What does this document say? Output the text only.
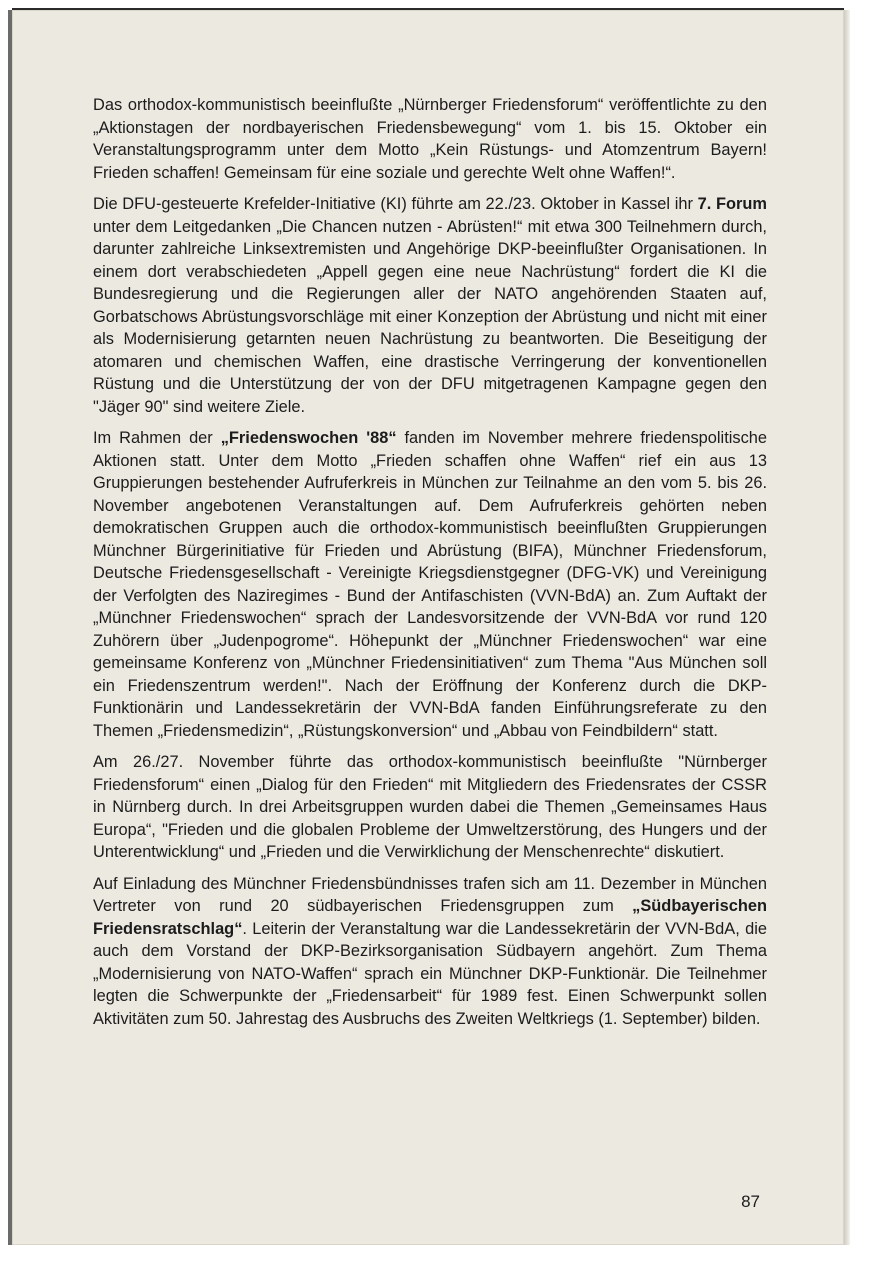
Das orthodox-kommunistisch beeinflußte „Nürnberger Friedensforum“ veröffentlichte zu den „Aktionstagen der nordbayerischen Friedensbewegung“ vom 1. bis 15. Oktober ein Veranstaltungsprogramm unter dem Motto „Kein Rüstungs- und Atomzentrum Bayern! Frieden schaffen! Gemeinsam für eine soziale und gerechte Welt ohne Waffen!“.

Die DFU-gesteuerte Krefelder-Initiative (KI) führte am 22./23. Oktober in Kassel ihr 7. Forum unter dem Leitgedanken „Die Chancen nutzen - Abrüsten!“ mit etwa 300 Teilnehmern durch, darunter zahlreiche Linksextremisten und Angehörige DKP-beeinflußter Organisationen. In einem dort verabschiedeten „Appell gegen eine neue Nachrüstung“ fordert die KI die Bundesregierung und die Regierungen aller der NATO angehörenden Staaten auf, Gorbatschows Abrüstungsvorschläge mit einer Konzeption der Abrüstung und nicht mit einer als Modernisierung getarnten neuen Nachrüstung zu beantworten. Die Beseitigung der atomaren und chemischen Waffen, eine drastische Verringerung der konventionellen Rüstung und die Unterstützung der von der DFU mitgetragenen Kampagne gegen den "Jäger 90" sind weitere Ziele.

Im Rahmen der „Friedenswochen '88“ fanden im November mehrere friedenspolitische Aktionen statt. Unter dem Motto „Frieden schaffen ohne Waffen“ rief ein aus 13 Gruppierungen bestehender Aufruferkreis in München zur Teilnahme an den vom 5. bis 26. November angebotenen Veranstaltungen auf. Dem Aufruferkreis gehörten neben demokratischen Gruppen auch die orthodox-kommunistisch beeinflußten Gruppierungen Münchner Bürgerinitiative für Frieden und Abrüstung (BIFA), Münchner Friedensforum, Deutsche Friedensgesellschaft - Vereinigte Kriegsdienstgegner (DFG-VK) und Vereinigung der Verfolgten des Naziregimes - Bund der Antifaschisten (VVN-BdA) an. Zum Auftakt der „Münchner Friedenswochen“ sprach der Landesvorsitzende der VVN-BdA vor rund 120 Zuhörern über „Judenpogrome“. Höhepunkt der „Münchner Friedenswochen“ war eine gemeinsame Konferenz von „Münchner Friedensinitiativen“ zum Thema "Aus München soll ein Friedenszentrum werden!". Nach der Eröffnung der Konferenz durch die DKP-Funktionärin und Landessekretärin der VVN-BdA fanden Einführungsreferate zu den Themen „Friedensmedizin“, „Rüstungskonversion“ und „Abbau von Feindbildern“ statt.

Am 26./27. November führte das orthodox-kommunistisch beeinflußte "Nürnberger Friedensforum“ einen „Dialog für den Frieden“ mit Mitgliedern des Friedensrates der CSSR in Nürnberg durch. In drei Arbeitsgruppen wurden dabei die Themen „Gemeinsames Haus Europa“, "Frieden und die globalen Probleme der Umweltzerstörung, des Hungers und der Unterentwicklung“ und „Frieden und die Verwirklichung der Menschenrechte“ diskutiert.

Auf Einladung des Münchner Friedensbündnisses trafen sich am 11. Dezember in München Vertreter von rund 20 südbayerischen Friedensgruppen zum „Südbayerischen Friedensratschlag“. Leiterin der Veranstaltung war die Landessekretärin der VVN-BdA, die auch dem Vorstand der DKP-Bezirksorganisation Südbayern angehört. Zum Thema „Modernisierung von NATO-Waffen“ sprach ein Münchner DKP-Funktionär. Die Teilnehmer legten die Schwerpunkte der „Friedensarbeit“ für 1989 fest. Einen Schwerpunkt sollen Aktivitäten zum 50. Jahrestag des Ausbruchs des Zweiten Weltkriegs (1. September) bilden.

87
